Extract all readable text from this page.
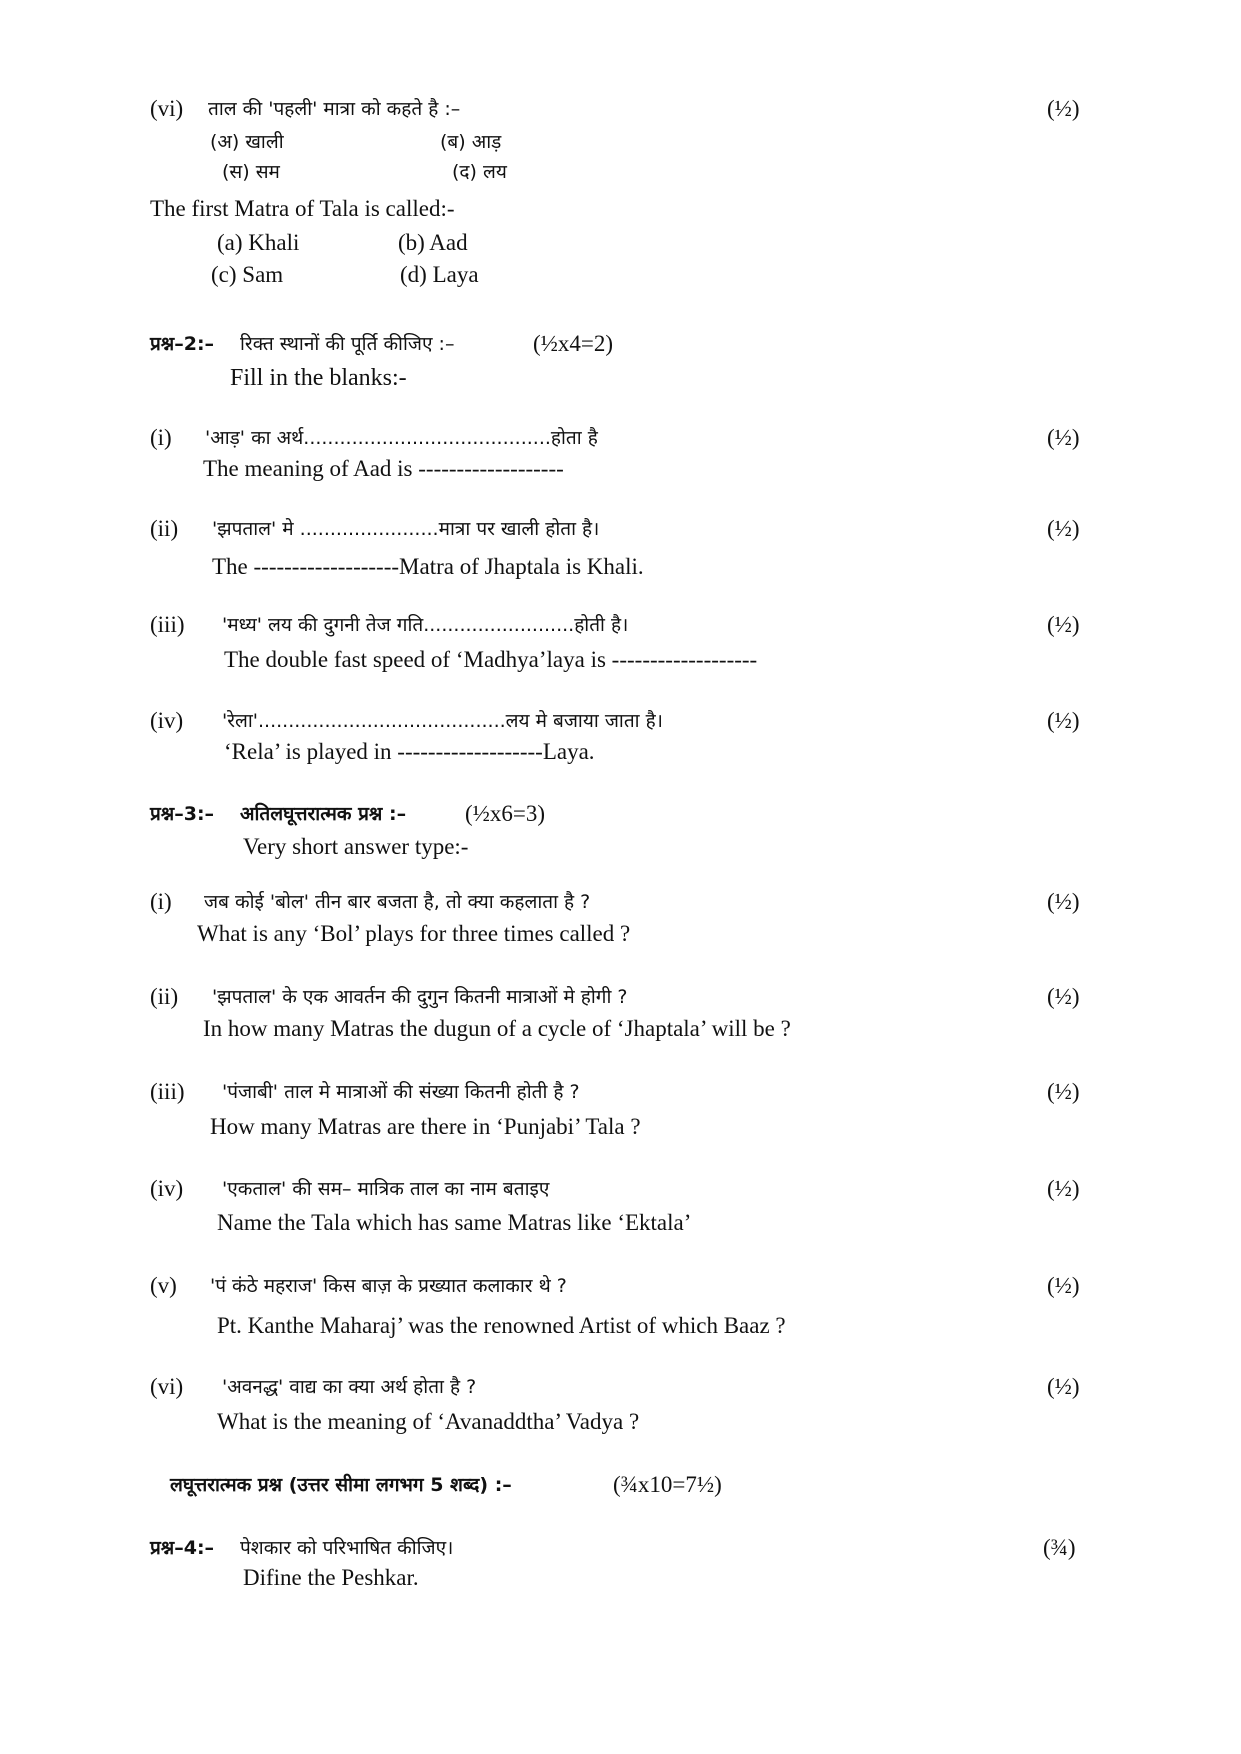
(vi) ताल की 'पहली' मात्रा को कहते है :–	(½)
(अ) खाली	(ब) आड़
(स) सम	(द) लय
The first Matra of Tala is called:-
(a) Khali	(b) Aad
(c) Sam	(d) Laya
प्रश्न–2:– रिक्त स्थानों की पूर्ति कीजिए :–	(½x4=2)
Fill in the blanks:-
(i) 'आड़' का अर्थ.........................................होता है	(½)
The meaning of Aad is -------------------
(ii) 'झपताल' मे .......................मात्रा पर खाली होता है।	(½)
The -------------------Matra of Jhaptala is Khali.
(iii) 'मध्य' लय की दुगनी तेज गति.........................होती है।	(½)
The double fast speed of ‘Madhya’laya is -------------------
(iv) 'रेला'.........................................लय मे बजाया जाता है।	(½)
‘Rela’ is played in -------------------Laya.
प्रश्न–3:– अतिलघूत्तरात्मक प्रश्न :–	(½x6=3)
Very short answer type:-
(i) जब कोई 'बोल' तीन बार बजता है, तो क्या कहलाता है ?	(½)
What is any ‘Bol’ plays for three times called ?
(ii) 'झपताल' के एक आवर्तन की दुगुन कितनी मात्राओं मे होगी ?	(½)
In how many Matras the dugun of a cycle of ‘Jhaptala’ will be ?
(iii) 'पंजाबी' ताल मे मात्राओं की संख्या कितनी होती है ?	(½)
How many Matras are there in ‘Punjabi’ Tala ?
(iv) 'एकताल' की सम– मात्रिक ताल का नाम बताइए	(½)
Name the Tala which has same Matras like ‘Ektala’
(v) 'पं कंठे महराज' किस बाज़ के प्रख्यात कलाकार थे ?	(½)
Pt. Kanthe Maharaj’ was the renowned Artist of which Baaz ?
(vi) 'अवनद्ध' वाद्य का क्या अर्थ होता है ?	(½)
What is the meaning of ‘Avanaddtha’ Vadya ?
लघूत्तरात्मक प्रश्न (उत्तर सीमा लगभग 5 शब्द) :–	(¾x10=7½)
प्रश्न–4:– पेशकार को परिभाषित कीजिए।	(¾)
Difine the Peshkar.
